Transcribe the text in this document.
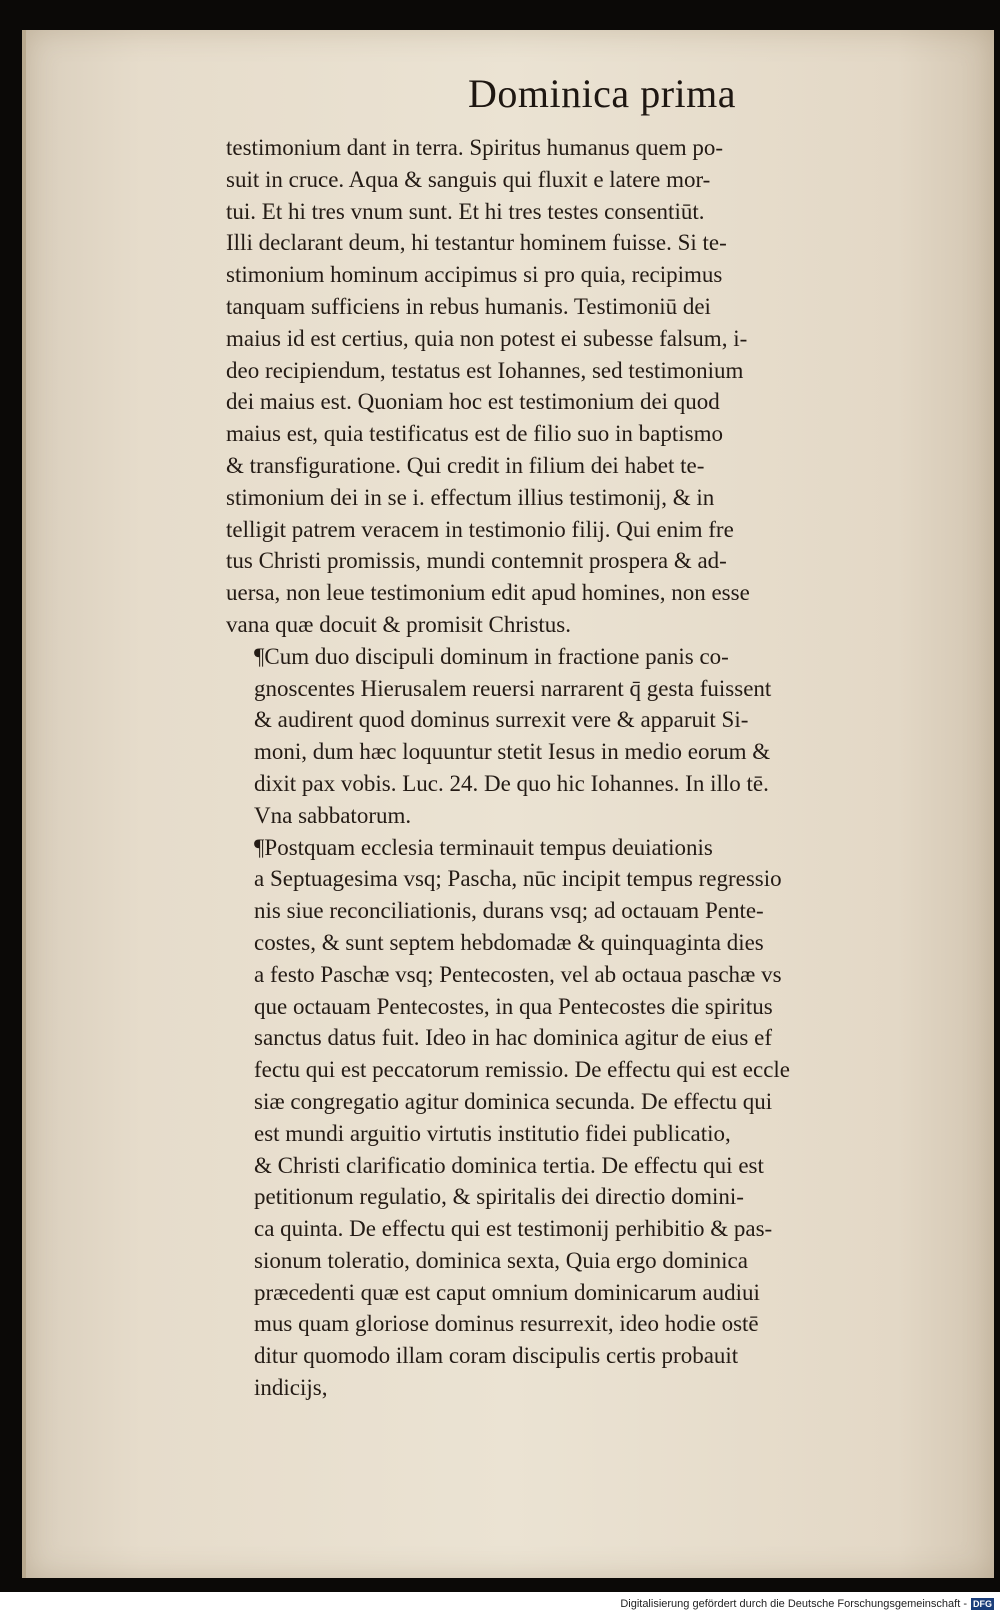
Dominica prima
testimonium dant in terra. Spiritus humanus quem po-
suit in cruce. Aqua & sanguis qui fluxit e latere mor-
tui. Et hi tres vnum sunt. Et hi tres testes consentiūt.
Illi declarant deum, hi testantur hominem fuisse. Si te-
stimonium hominum accipimus si pro quia, recipimus
tanquam sufficiens in rebus humanis. Testimoniū dei
maius id est certius, quia non potest ei subesse falsum, i-
deo recipiendum, testatus est Iohannes, sed testimonium
dei maius est. Quoniam hoc est testimonium dei quod
maius est, quia testificatus est de filio suo in baptismo
& transfiguratione. Qui credit in filium dei habet te-
stimonium dei in se i. effectum illius testimonij, & in
telligit patrem veracem in testimonio filij. Qui enim fre
tus Christi promissis, mundi contemnit prospera & ad-
uersa, non leue testimonium edit apud homines, non esse
vana quæ docuit & promisit Christus.
¶Cum duo discipuli dominum in fractione panis co-
gnoscentes Hierusalem reuersi narrarent q̄ gesta fuissent
& audirent quod dominus surrexit vere & apparuit Si-
moni, dum hæc loquuntur stetit Iesus in medio eorum &
dixit pax vobis. Luc. 24. De quo hic Iohannes. In illo tē.
Vna sabbatorum.
¶Postquam ecclesia terminauit tempus deuiationis
a Septuagesima vsq; Pascha, nūc incipit tempus regressio
nis siue reconciliationis, durans vsq; ad octauam Pente-
costes, & sunt septem hebdomadæ & quinquaginta dies
a festo Paschæ vsq; Pentecosten, vel ab octaua paschæ vs
que octauam Pentecostes, in qua Pentecostes die spiritus
sanctus datus fuit. Ideo in hac dominica agitur de eius ef
fectu qui est peccatorum remissio. De effectu qui est eccle
siæ congregatio agitur dominica secunda. De effectu qui
est mundi arguitio virtutis institutio fidei publicatio,
& Christi clarificatio dominica tertia. De effectu qui est
petitionum regulatio, & spiritalis dei directio domini-
ca quinta. De effectu qui est testimonij perhibitio & pas-
sionum toleratio, dominica sexta, Quia ergo dominica
præcedenti quæ est caput omnium dominicarum audiui
mus quam gloriose dominus resurrexit, ideo hodie ostē
ditur quomodo illam coram discipulis certis probauit
indicijs,
Digitalisierung gefördert durch die Deutsche Forschungsgemeinschaft - DFG
